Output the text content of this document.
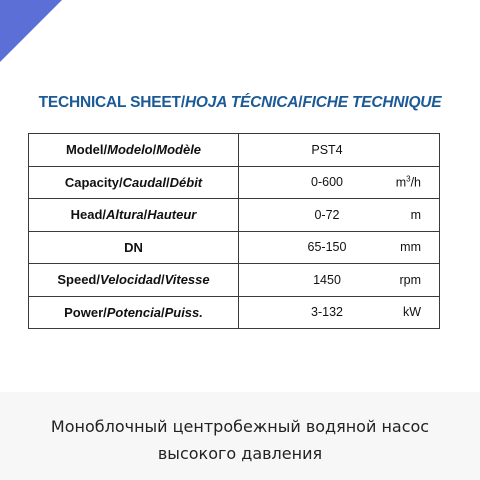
TECHNICAL SHEET/HOJA TÉCNICA/FICHE TECHNIQUE
Model/Modelo/Modèle	PST4

Capacity/Caudal/Débit	0-600 $m^3/h$

Head/Altura/Hauteur	0-72 m

DN	65-150 mm

Speed/Velocidad/Vitesse	1450 rpm

Power/Potencia/Puiss.	3-132 kW
Моноблочный центробежный водяной насос
высокого давления
